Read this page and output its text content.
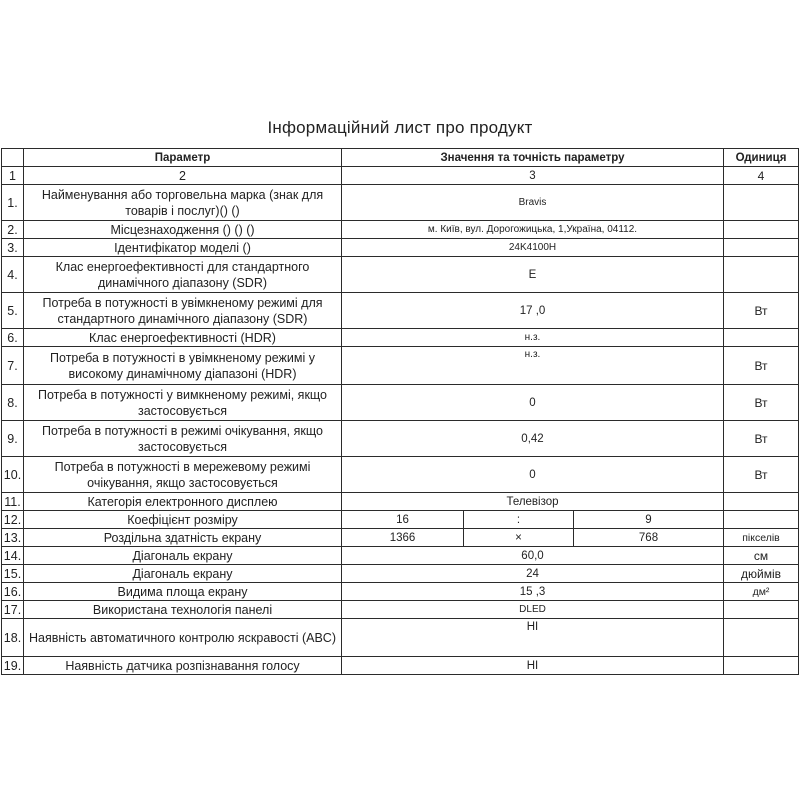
Інформаційний лист про продукт
	Параметр	Значення та точність параметру			Одиниця
1	2	3			4
1.	Найменування або торговельна марка (знак для товарів і послуг)() ()	Bravis			
2.	Місцезнаходження () () ()	м. Київ, вул. Дорогожицька, 1,Україна, 04112.			
3.	Ідентифікатор моделі ()	24K4100H			
4.	Клас енергоефективності для стандартного динамічного діапазону (SDR)	E			
5.	Потреба в потужності в увімкненому режимі для стандартного динамічного діапазону (SDR)	17 ,0			Вт
6.	Клас енергоефективності (HDR)	н.з.			
7.	Потреба в потужності в увімкненому режимі у високому динамічному діапазоні (HDR)	н.з.			Вт
8.	Потреба в потужності у вимкненому режимі, якщо застосовується	0			Вт
9.	Потреба в потужності в режимі очікування, якщо застосовується	0,42			Вт
10.	Потреба в потужності в мережевому режимі очікування, якщо застосовується	0			Вт
11.	Категорія електронного дисплею	Телевізор			
12.	Коефіцієнт розміру	16	:	9	
13.	Роздільна здатність екрану	1366	×	768	пікселів
14.	Діагональ екрану	60,0			см
15.	Діагональ екрану	24			дюймів
16.	Видима площа екрану	15 ,3			дм²
17.	Використана технологія панелі	DLED			
18.	Наявність автоматичного контролю яскравості (ABC)	НІ			
19.	Наявність датчика розпізнавання голосу	НІ			
